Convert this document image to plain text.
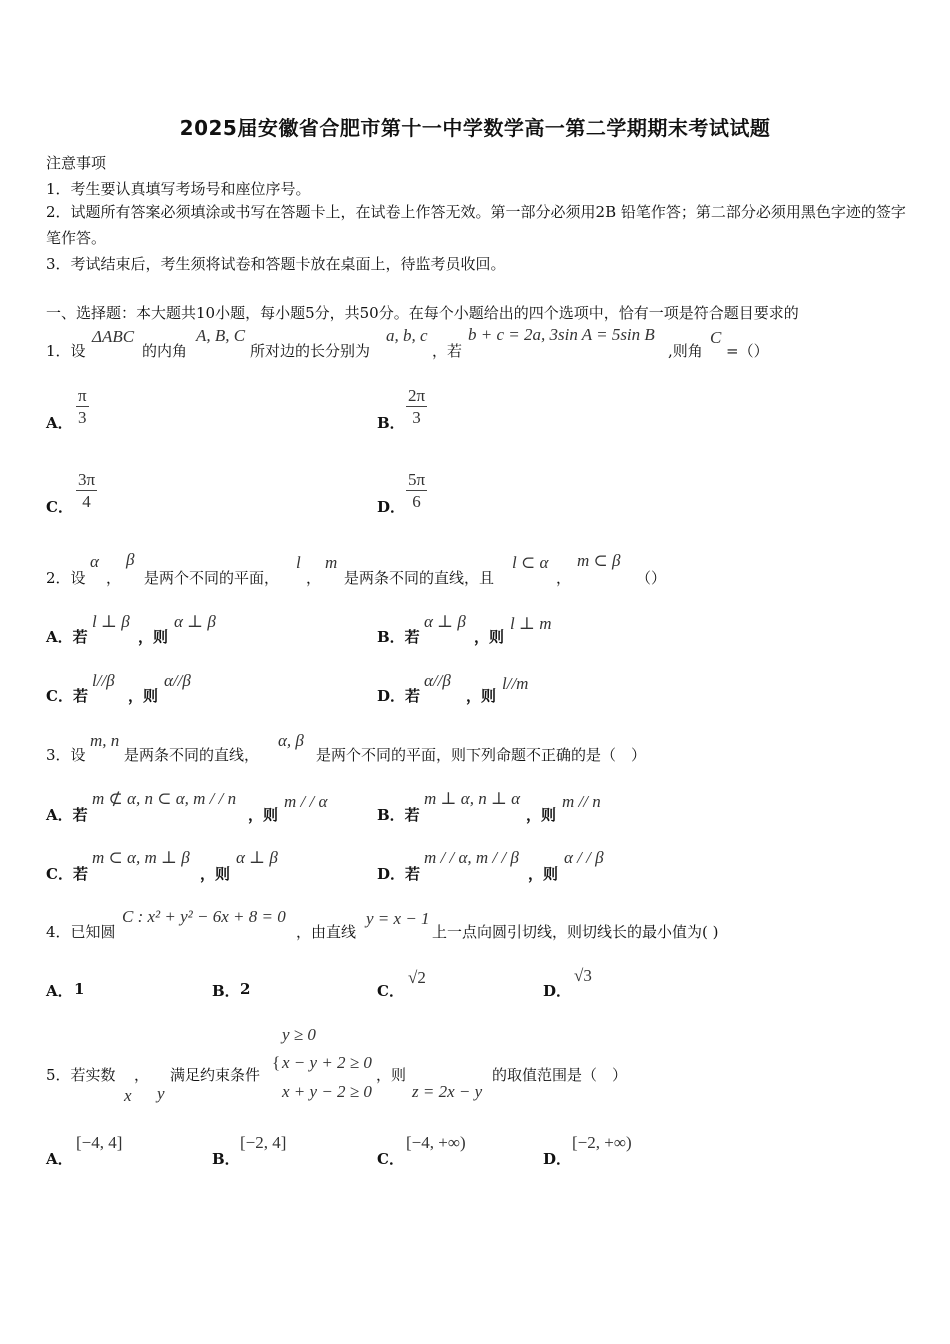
2025届安徽省合肥市第十一中学数学高一第二学期期末考试试题
注意事项
1．考生要认真填写考场号和座位序号。
2．试题所有答案必须填涂或书写在答题卡上，在试卷上作答无效。第一部分必须用2B 铅笔作答；第二部分必须用黑色字迹的签字笔作答。
3．考试结束后，考生须将试卷和答题卡放在桌面上，待监考员收回。
一、选择题：本大题共10小题，每小题5分，共50分。在每个小题给出的四个选项中，恰有一项是符合题目要求的
1．设
ΔABC
的内角
A, B, C
所对边的长分别为
a, b, c
，若
b + c = 2a, 3sin A = 5sin B
,则角
C
=（）
A． $\frac{\pi}{3}$	B． $\frac{2\pi}{3}$
C． $\frac{3\pi}{4}$	D． $\frac{5\pi}{6}$
2．设
α
，
β
是两个不同的平面，
l
，
m
是两条不同的直线，且
l ⊂ α
，
m ⊂ β
（）
A．若
l ⊥ β
，则
α ⊥ β
B．若
α ⊥ β
，则
l ⊥ m
C．若
l//β
，则
α//β
D．若
α//β
，则
l//m
3．设
m, n
是两条不同的直线，
α, β
是两个不同的平面，则下列命题不正确的是（　）
A．若
m ⊄ α, n ⊂ α, m / / n
，则
m / / α
B．若
m ⊥ α, n ⊥ α
，则
m // n
C．若
m ⊂ α, m ⊥ β
，则
α ⊥ β
D．若
m / / α, m / / β
，则
α / / β
4．已知圆
C : x² + y² − 6x + 8 = 0
，由直线
y = x − 1
上一点向圆引切线，则切线长的最小值为( )
A． 1	B． 2	C．
√2
D．
√3
5．若实数
x
，
y
满足约束条件
y ≥ 0
{ x − y + 2 ≥ 0
x + y − 2 ≥ 0
，则
z = 2x − y
的取值范围是（　）
A．
[−4, 4]
B．
[−2, 4]
C．
[−4, +∞)
D．
[−2, +∞)
